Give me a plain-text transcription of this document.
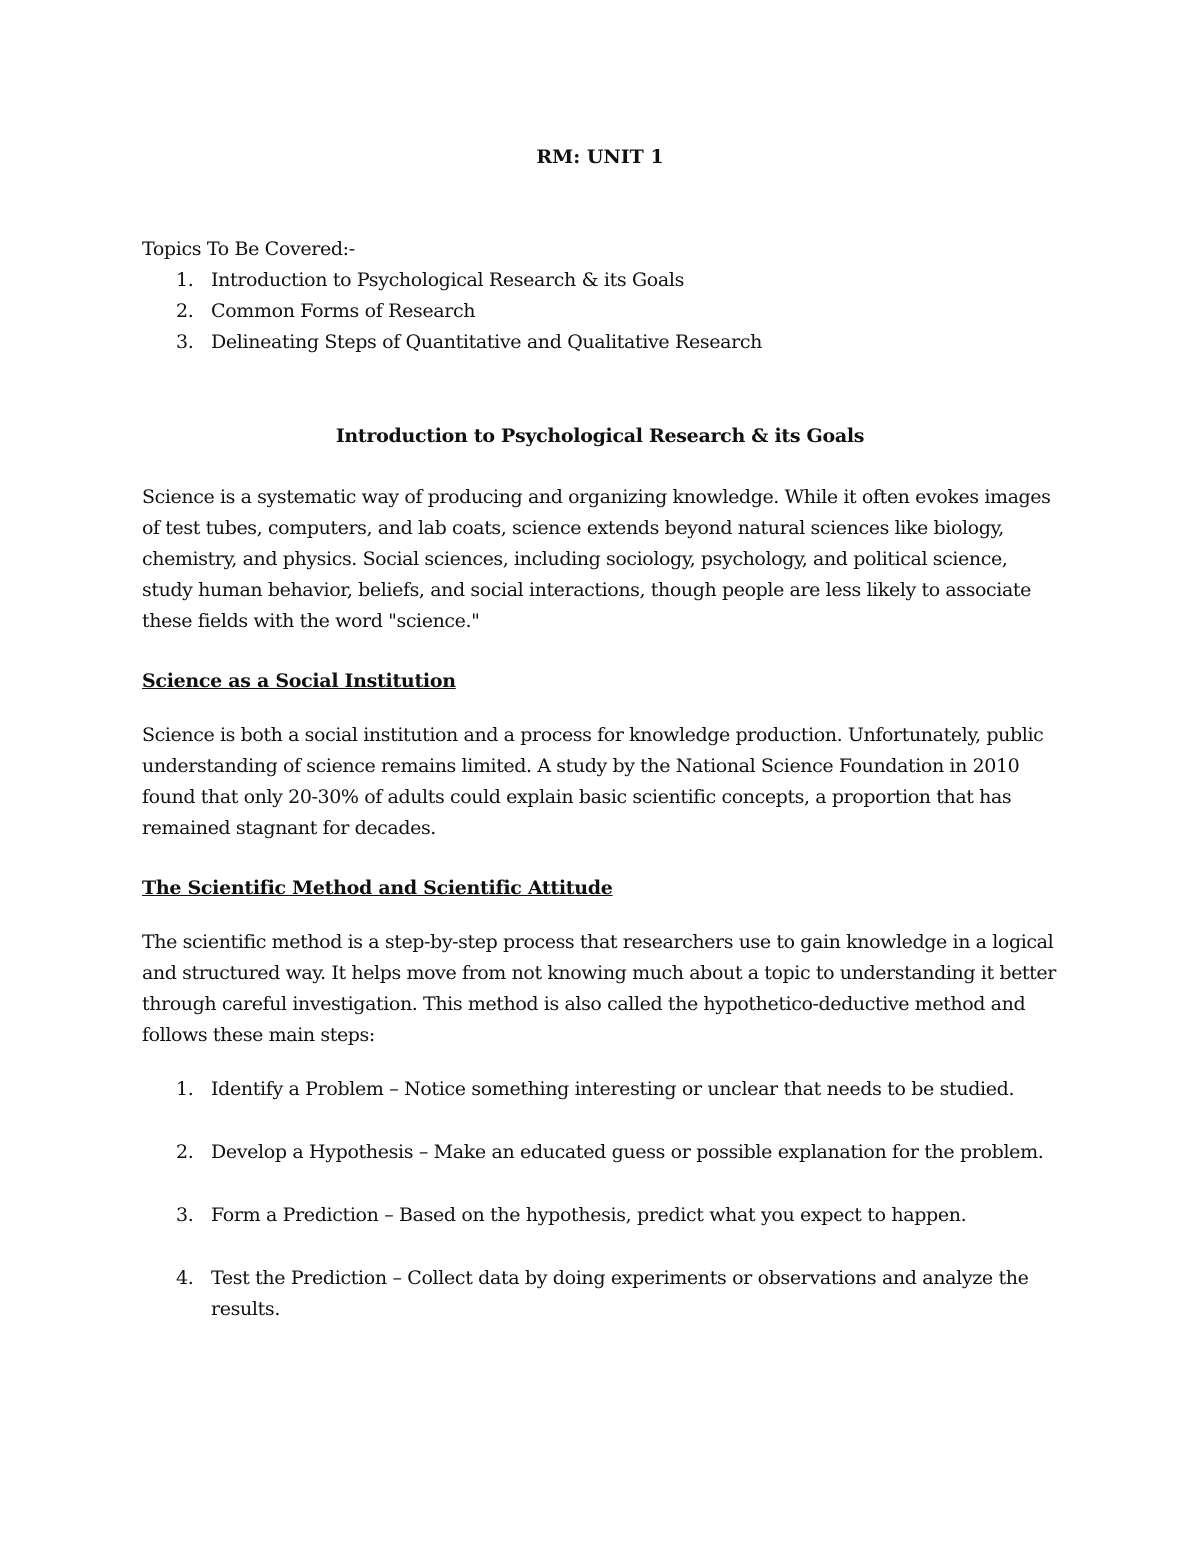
RM: UNIT 1
Topics To Be Covered:-
1. Introduction to Psychological Research & its Goals
2. Common Forms of Research
3. Delineating Steps of Quantitative and Qualitative Research
Introduction to Psychological Research & its Goals

Science is a systematic way of producing and organizing knowledge. While it often evokes images of test tubes, computers, and lab coats, science extends beyond natural sciences like biology, chemistry, and physics. Social sciences, including sociology, psychology, and political science, study human behavior, beliefs, and social interactions, though people are less likely to associate these fields with the word "science."

Science as a Social Institution

Science is both a social institution and a process for knowledge production. Unfortunately, public understanding of science remains limited. A study by the National Science Foundation in 2010 found that only 20-30% of adults could explain basic scientific concepts, a proportion that has remained stagnant for decades.

The Scientific Method and Scientific Attitude

The scientific method is a step-by-step process that researchers use to gain knowledge in a logical and structured way. It helps move from not knowing much about a topic to understanding it better through careful investigation. This method is also called the hypothetico-deductive method and follows these main steps:

1. Identify a Problem – Notice something interesting or unclear that needs to be studied.
2. Develop a Hypothesis – Make an educated guess or possible explanation for the problem.
3. Form a Prediction – Based on the hypothesis, predict what you expect to happen.
4. Test the Prediction – Collect data by doing experiments or observations and analyze the results.
